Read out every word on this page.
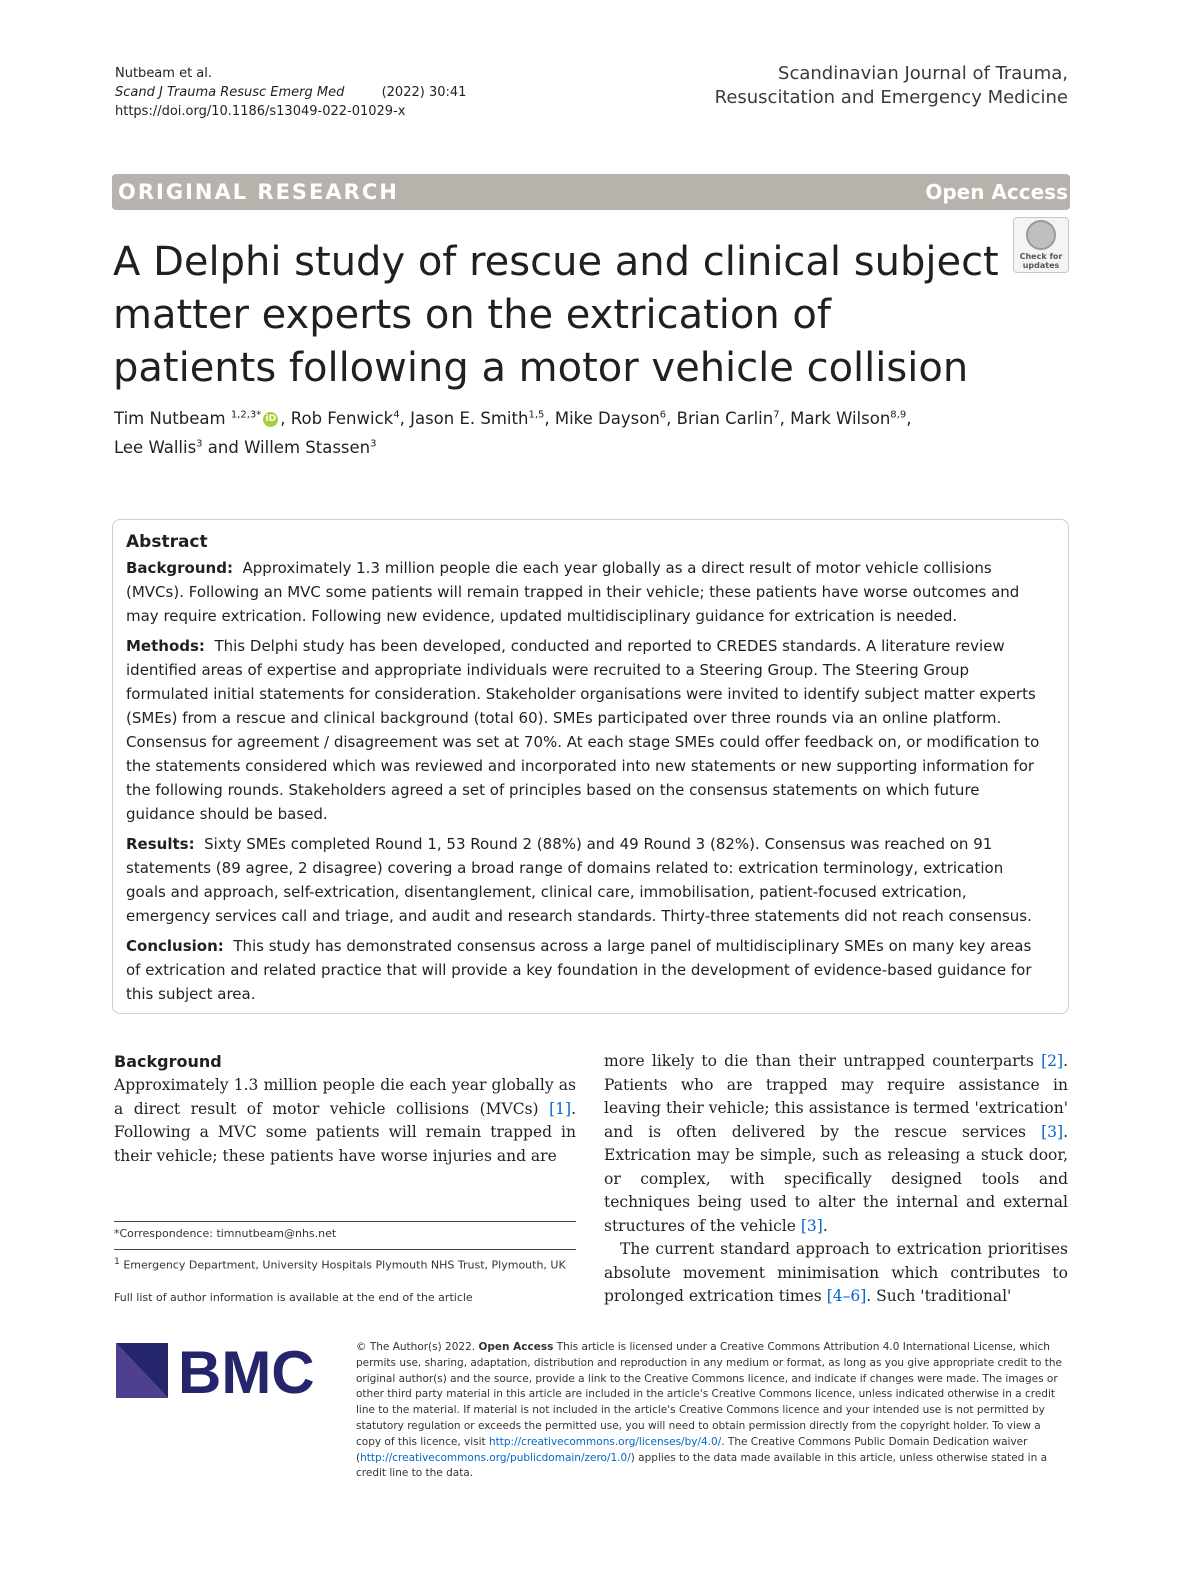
Nutbeam et al.
Scand J Trauma Resusc Emerg Med	(2022) 30:41
https://doi.org/10.1186/s13049-022-01029-x
Scandinavian Journal of Trauma,
Resuscitation and Emergency Medicine
ORIGINAL RESEARCH	Open Access
A Delphi study of rescue and clinical subject matter experts on the extrication of patients following a motor vehicle collision
Check for updates
Tim Nutbeam $^{1,2,3*}$ iD , Rob Fenwick$^4$, Jason E. Smith$^{1,5}$, Mike Dayson$^6$, Brian Carlin$^7$, Mark Wilson$^{8,9}$,
Lee Wallis$^3$ and Willem Stassen$^3$
Abstract

Background: Approximately 1.3 million people die each year globally as a direct result of motor vehicle collisions (MVCs). Following an MVC some patients will remain trapped in their vehicle; these patients have worse outcomes and may require extrication. Following new evidence, updated multidisciplinary guidance for extrication is needed.

Methods: This Delphi study has been developed, conducted and reported to CREDES standards. A literature review identified areas of expertise and appropriate individuals were recruited to a Steering Group. The Steering Group formulated initial statements for consideration. Stakeholder organisations were invited to identify subject matter experts (SMEs) from a rescue and clinical background (total 60). SMEs participated over three rounds via an online platform. Consensus for agreement / disagreement was set at 70%. At each stage SMEs could offer feedback on, or modification to the statements considered which was reviewed and incorporated into new statements or new supporting information for the following rounds. Stakeholders agreed a set of principles based on the consensus statements on which future guidance should be based.

Results: Sixty SMEs completed Round 1, 53 Round 2 (88%) and 49 Round 3 (82%). Consensus was reached on 91 statements (89 agree, 2 disagree) covering a broad range of domains related to: extrication terminology, extrication goals and approach, self-extrication, disentanglement, clinical care, immobilisation, patient-focused extrication, emergency services call and triage, and audit and research standards. Thirty-three statements did not reach consensus.

Conclusion: This study has demonstrated consensus across a large panel of multidisciplinary SMEs on many key areas of extrication and related practice that will provide a key foundation in the development of evidence-based guidance for this subject area.

Background
Approximately 1.3 million people die each year globally as a direct result of motor vehicle collisions (MVCs) [1]. Following a MVC some patients will remain trapped in their vehicle; these patients have worse injuries and are

more likely to die than their untrapped counterparts [2]. Patients who are trapped may require assistance in leaving their vehicle; this assistance is termed 'extrication' and is often delivered by the rescue services [3]. Extrication may be simple, such as releasing a stuck door, or complex, with specifically designed tools and techniques being used to alter the internal and external structures of the vehicle [3].

The current standard approach to extrication prioritises absolute movement minimisation which contributes to prolonged extrication times [4–6]. Such 'traditional'

*Correspondence: timnutbeam@nhs.net
$^1$ Emergency Department, University Hospitals Plymouth NHS Trust, Plymouth, UK
Full list of author information is available at the end of the article
BMC	© The Author(s) 2022. Open Access This article is licensed under a Creative Commons Attribution 4.0 International License, which permits use, sharing, adaptation, distribution and reproduction in any medium or format, as long as you give appropriate credit to the original author(s) and the source, provide a link to the Creative Commons licence, and indicate if changes were made. The images or other third party material in this article are included in the article's Creative Commons licence, unless indicated otherwise in a credit line to the material. If material is not included in the article's Creative Commons licence and your intended use is not permitted by statutory regulation or exceeds the permitted use, you will need to obtain permission directly from the copyright holder. To view a copy of this licence, visit http://creativecommons.org/licenses/by/4.0/. The Creative Commons Public Domain Dedication waiver (http://creativecommons.org/publicdomain/zero/1.0/) applies to the data made available in this article, unless otherwise stated in a credit line to the data.
